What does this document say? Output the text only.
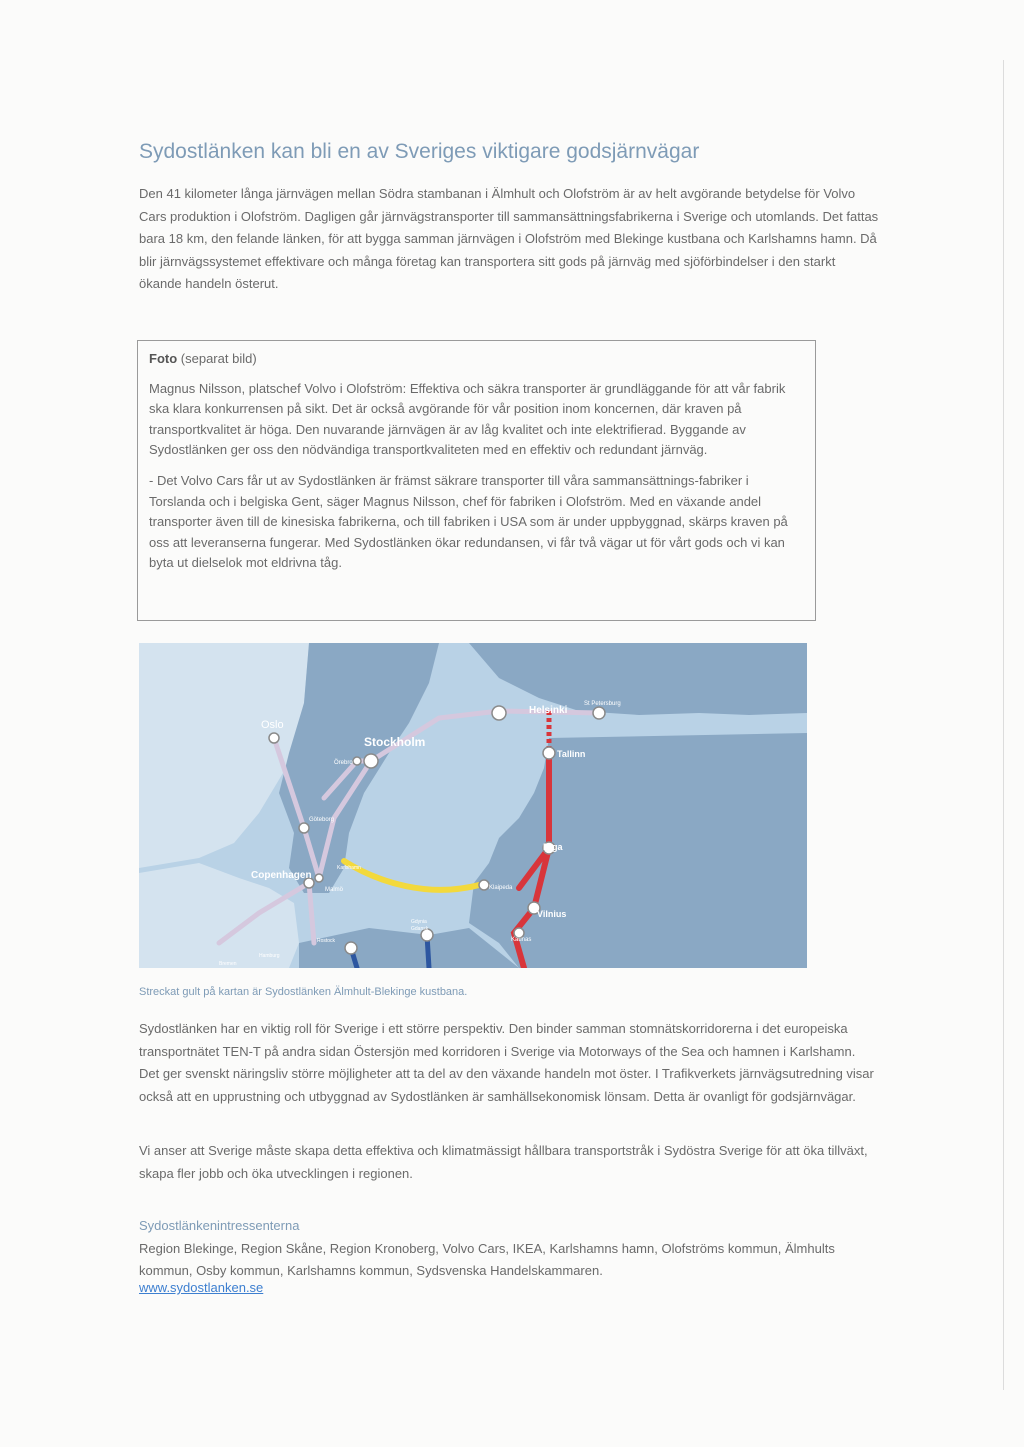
Sydostlänken kan bli en av Sveriges viktigare godsjärnvägar

Den 41 kilometer långa järnvägen mellan Södra stambanan i Älmhult och Olofström är av helt avgörande betydelse för Volvo Cars produktion i Olofström. Dagligen går järnvägstransporter till sammansättningsfabrikerna i Sverige och utomlands. Det fattas bara 18 km, den felande länken, för att bygga samman järnvägen i Olofström med Blekinge kustbana och Karlshamns hamn. Då blir järnvägssystemet effektivare och många företag kan transportera sitt gods på järnväg med sjöförbindelser i den starkt ökande handeln österut.

Foto (separat bild)

Magnus Nilsson, platschef Volvo i Olofström: Effektiva och säkra transporter är grundläggande för att vår fabrik ska klara konkurrensen på sikt. Det är också avgörande för vår position inom koncernen, där kraven på transportkvalitet är höga. Den nuvarande järnvägen är av låg kvalitet och inte elektrifierad. Byggande av Sydostlänken ger oss den nödvändiga transportkvaliteten med en effektiv och redundant järnväg.

- Det Volvo Cars får ut av Sydostlänken är främst säkrare transporter till våra sammansättnings-fabriker i Torslanda och i belgiska Gent, säger Magnus Nilsson, chef för fabriken i Olofström. Med en växande andel transporter även till de kinesiska fabrikerna, och till fabriken i USA som är under uppbyggnad, skärps kraven på oss att leveranserna fungerar. Med Sydostlänken ökar redundansen, vi får två vägar ut för vårt gods och vi kan byta ut dielselok mot eldrivna tåg.

Oslo
Stockholm
Örebro
Göteborg
Copenhagen
Malmö
Helsinki
St Petersburg
Tallinn
Riga
Klaipeda
Vilnius
Kaunas
Gdynia
Gdansk
Karlshamn
Rostock
Hamburg
Bremen

Streckat gult på kartan är Sydostlänken Älmhult-Blekinge kustbana.

Sydostlänken har en viktig roll för Sverige i ett större perspektiv. Den binder samman stomnätskorridorerna i det europeiska transportnätet TEN-T på andra sidan Östersjön med korridoren i Sverige via Motorways of the Sea och hamnen i Karlshamn. Det ger svenskt näringsliv större möjligheter att ta del av den växande handeln mot öster. I Trafikverkets järnvägsutredning visar också att en upprustning och utbyggnad av Sydostlänken är samhällsekonomisk lönsam. Detta är ovanligt för godsjärnvägar.

Vi anser att Sverige måste skapa detta effektiva och klimatmässigt hållbara transportstråk i Sydöstra Sverige för att öka tillväxt, skapa fler jobb och öka utvecklingen i regionen.

Sydostlänkenintressenterna

Region Blekinge, Region Skåne, Region Kronoberg, Volvo Cars, IKEA, Karlshamns hamn, Olofströms kommun, Älmhults kommun, Osby kommun, Karlshamns kommun, Sydsvenska Handelskammaren.

www.sydostlanken.se
